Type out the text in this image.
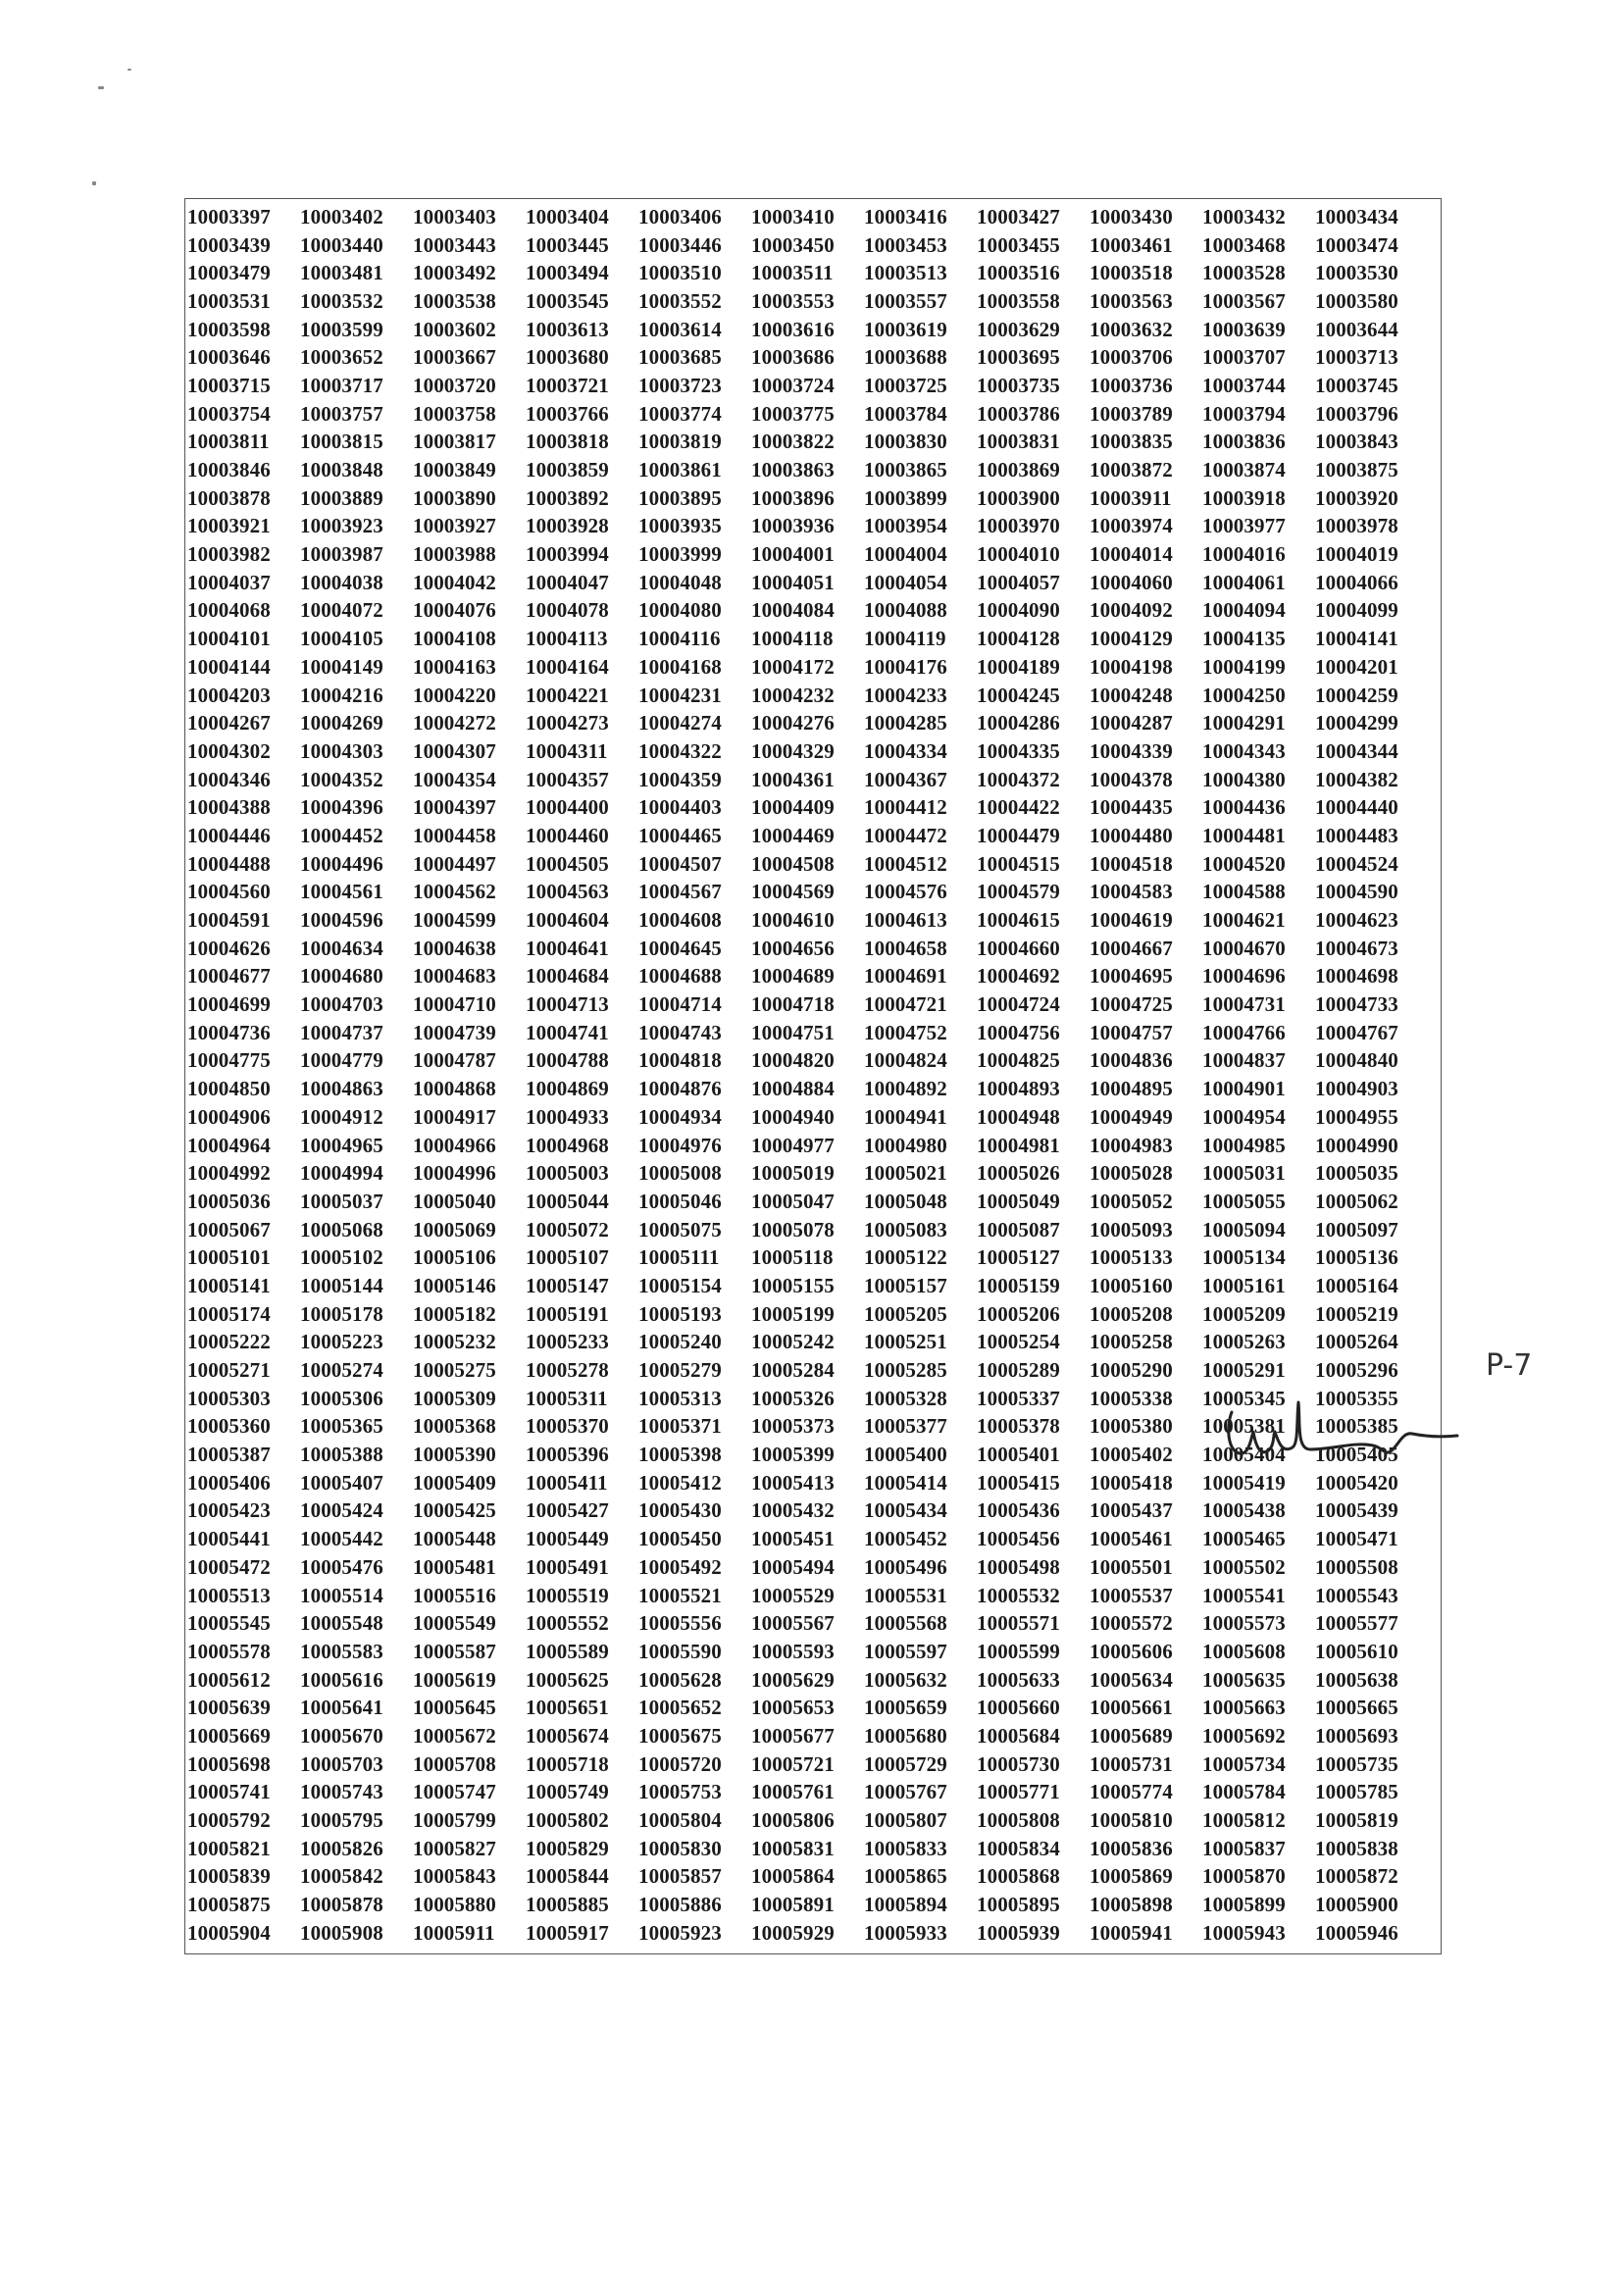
10003397	10003402	10003403	10003404	10003406	10003410	10003416	10003427	10003430	10003432	10003434
10003439	10003440	10003443	10003445	10003446	10003450	10003453	10003455	10003461	10003468	10003474
10003479	10003481	10003492	10003494	10003510	10003511	10003513	10003516	10003518	10003528	10003530
10003531	10003532	10003538	10003545	10003552	10003553	10003557	10003558	10003563	10003567	10003580
10003598	10003599	10003602	10003613	10003614	10003616	10003619	10003629	10003632	10003639	10003644
10003646	10003652	10003667	10003680	10003685	10003686	10003688	10003695	10003706	10003707	10003713
10003715	10003717	10003720	10003721	10003723	10003724	10003725	10003735	10003736	10003744	10003745
10003754	10003757	10003758	10003766	10003774	10003775	10003784	10003786	10003789	10003794	10003796
10003811	10003815	10003817	10003818	10003819	10003822	10003830	10003831	10003835	10003836	10003843
10003846	10003848	10003849	10003859	10003861	10003863	10003865	10003869	10003872	10003874	10003875
10003878	10003889	10003890	10003892	10003895	10003896	10003899	10003900	10003911	10003918	10003920
10003921	10003923	10003927	10003928	10003935	10003936	10003954	10003970	10003974	10003977	10003978
10003982	10003987	10003988	10003994	10003999	10004001	10004004	10004010	10004014	10004016	10004019
10004037	10004038	10004042	10004047	10004048	10004051	10004054	10004057	10004060	10004061	10004066
10004068	10004072	10004076	10004078	10004080	10004084	10004088	10004090	10004092	10004094	10004099
10004101	10004105	10004108	10004113	10004116	10004118	10004119	10004128	10004129	10004135	10004141
10004144	10004149	10004163	10004164	10004168	10004172	10004176	10004189	10004198	10004199	10004201
10004203	10004216	10004220	10004221	10004231	10004232	10004233	10004245	10004248	10004250	10004259
10004267	10004269	10004272	10004273	10004274	10004276	10004285	10004286	10004287	10004291	10004299
10004302	10004303	10004307	10004311	10004322	10004329	10004334	10004335	10004339	10004343	10004344
10004346	10004352	10004354	10004357	10004359	10004361	10004367	10004372	10004378	10004380	10004382
10004388	10004396	10004397	10004400	10004403	10004409	10004412	10004422	10004435	10004436	10004440
10004446	10004452	10004458	10004460	10004465	10004469	10004472	10004479	10004480	10004481	10004483
10004488	10004496	10004497	10004505	10004507	10004508	10004512	10004515	10004518	10004520	10004524
10004560	10004561	10004562	10004563	10004567	10004569	10004576	10004579	10004583	10004588	10004590
10004591	10004596	10004599	10004604	10004608	10004610	10004613	10004615	10004619	10004621	10004623
10004626	10004634	10004638	10004641	10004645	10004656	10004658	10004660	10004667	10004670	10004673
10004677	10004680	10004683	10004684	10004688	10004689	10004691	10004692	10004695	10004696	10004698
10004699	10004703	10004710	10004713	10004714	10004718	10004721	10004724	10004725	10004731	10004733
10004736	10004737	10004739	10004741	10004743	10004751	10004752	10004756	10004757	10004766	10004767
10004775	10004779	10004787	10004788	10004818	10004820	10004824	10004825	10004836	10004837	10004840
10004850	10004863	10004868	10004869	10004876	10004884	10004892	10004893	10004895	10004901	10004903
10004906	10004912	10004917	10004933	10004934	10004940	10004941	10004948	10004949	10004954	10004955
10004964	10004965	10004966	10004968	10004976	10004977	10004980	10004981	10004983	10004985	10004990
10004992	10004994	10004996	10005003	10005008	10005019	10005021	10005026	10005028	10005031	10005035
10005036	10005037	10005040	10005044	10005046	10005047	10005048	10005049	10005052	10005055	10005062
10005067	10005068	10005069	10005072	10005075	10005078	10005083	10005087	10005093	10005094	10005097
10005101	10005102	10005106	10005107	10005111	10005118	10005122	10005127	10005133	10005134	10005136
10005141	10005144	10005146	10005147	10005154	10005155	10005157	10005159	10005160	10005161	10005164
10005174	10005178	10005182	10005191	10005193	10005199	10005205	10005206	10005208	10005209	10005219
10005222	10005223	10005232	10005233	10005240	10005242	10005251	10005254	10005258	10005263	10005264
10005271	10005274	10005275	10005278	10005279	10005284	10005285	10005289	10005290	10005291	10005296
10005303	10005306	10005309	10005311	10005313	10005326	10005328	10005337	10005338	10005345	10005355
10005360	10005365	10005368	10005370	10005371	10005373	10005377	10005378	10005380	10005381	10005385
10005387	10005388	10005390	10005396	10005398	10005399	10005400	10005401	10005402	10005404	10005405
10005406	10005407	10005409	10005411	10005412	10005413	10005414	10005415	10005418	10005419	10005420
10005423	10005424	10005425	10005427	10005430	10005432	10005434	10005436	10005437	10005438	10005439
10005441	10005442	10005448	10005449	10005450	10005451	10005452	10005456	10005461	10005465	10005471
10005472	10005476	10005481	10005491	10005492	10005494	10005496	10005498	10005501	10005502	10005508
10005513	10005514	10005516	10005519	10005521	10005529	10005531	10005532	10005537	10005541	10005543
10005545	10005548	10005549	10005552	10005556	10005567	10005568	10005571	10005572	10005573	10005577
10005578	10005583	10005587	10005589	10005590	10005593	10005597	10005599	10005606	10005608	10005610
10005612	10005616	10005619	10005625	10005628	10005629	10005632	10005633	10005634	10005635	10005638
10005639	10005641	10005645	10005651	10005652	10005653	10005659	10005660	10005661	10005663	10005665
10005669	10005670	10005672	10005674	10005675	10005677	10005680	10005684	10005689	10005692	10005693
10005698	10005703	10005708	10005718	10005720	10005721	10005729	10005730	10005731	10005734	10005735
10005741	10005743	10005747	10005749	10005753	10005761	10005767	10005771	10005774	10005784	10005785
10005792	10005795	10005799	10005802	10005804	10005806	10005807	10005808	10005810	10005812	10005819
10005821	10005826	10005827	10005829	10005830	10005831	10005833	10005834	10005836	10005837	10005838
10005839	10005842	10005843	10005844	10005857	10005864	10005865	10005868	10005869	10005870	10005872
10005875	10005878	10005880	10005885	10005886	10005891	10005894	10005895	10005898	10005899	10005900
10005904	10005908	10005911	10005917	10005923	10005929	10005933	10005939	10005941	10005943	10005946
P-7
